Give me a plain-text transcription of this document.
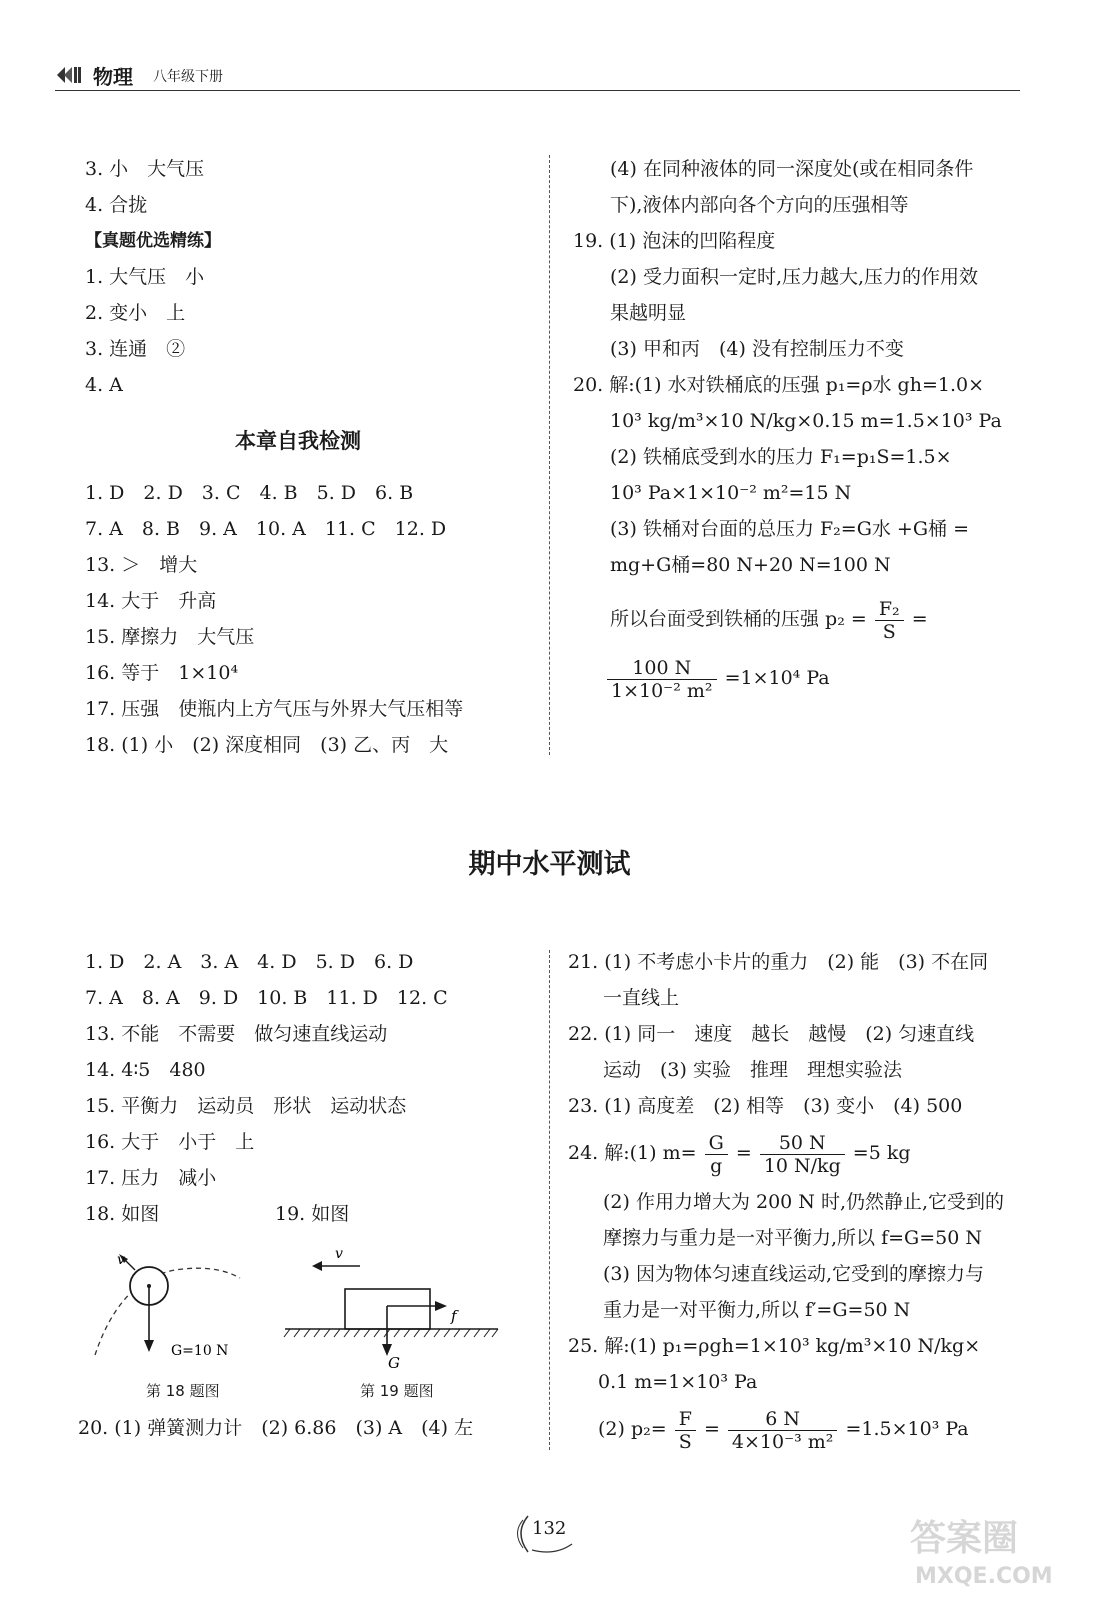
物理 八年级下册
3. 小　大气压
4. 合拢
【真题优选精练】
1. 大气压　小
2. 变小　上
3. 连通　②
4. A
本章自我检测
1. D　2. D　3. C　4. B　5. D　6. B
7. A　8. B　9. A　10. A　11. C　12. D
13. ＞　增大
14. 大于　升高
15. 摩擦力　大气压
16. 等于　1×10⁴
17. 压强　使瓶内上方气压与外界大气压相等
18. (1) 小　(2) 深度相同　(3) 乙、丙　大
(4) 在同种液体的同一深度处(或在相同条件
下),液体内部向各个方向的压强相等
19. (1) 泡沫的凹陷程度
(2) 受力面积一定时,压力越大,压力的作用效
果越明显
(3) 甲和丙　(4) 没有控制压力不变
20. 解:(1) 水对铁桶底的压强 p₁=ρ水 gh=1.0×
10³ kg/m³×10 N/kg×0.15 m=1.5×10³ Pa
(2) 铁桶底受到水的压力 F₁=p₁S=1.5×
10³ Pa×1×10⁻² m²=15 N
(3) 铁桶对台面的总压力 F₂=G水 +G桶 =
mg+G桶=80 N+20 N=100 N
所以台面受到铁桶的压强 $p_2 = \frac{\text{F₂}}{S}$ =
$\frac{100 N}{\text{1×10⁻² m²}} =1\times 10^4$ Pa
期中水平测试
1. D　2. A　3. A　4. D　5. D　6. D
7. A　8. A　9. D　10. B　11. D　12. C
13. 不能　不需要　做匀速直线运动
14. 4∶5　480
15. 平衡力　运动员　形状　运动状态
16. 大于　小于　上
17. 压力　减小
18. 如图	19. 如图
v
G=10 N
第 18 题图
v
f
G
第 19 题图
20. (1) 弹簧测力计　(2) 6.86　(3) A　(4) 左
21. (1) 不考虑小卡片的重力　(2) 能　(3) 不在同
一直线上
22. (1) 同一　速度　越长　越慢　(2) 匀速直线
运动　(3) 实验　推理　理想实验法
23. (1) 高度差　(2) 相等　(3) 变小　(4) 500
24. 解:(1) $m= \frac{G}{g} = \frac{50 N}{10 N/kg} =5$ kg
(2) 作用力增大为 200 N 时,仍然静止,它受到的
摩擦力与重力是一对平衡力,所以 f=G=50 N
(3) 因为物体匀速直线运动,它受到的摩擦力与
重力是一对平衡力,所以 f′=G=50 N
25. 解:(1) p₁=ρgh=1×10³ kg/m³×10 N/kg×
0.1 m=1×10³ Pa
(2) $p_2= \frac{F}{S} = \frac{6 N}{\text{4×10⁻³ m²}} =1.5\times 10^3$ Pa
132	答案圈
MXQE.COM
